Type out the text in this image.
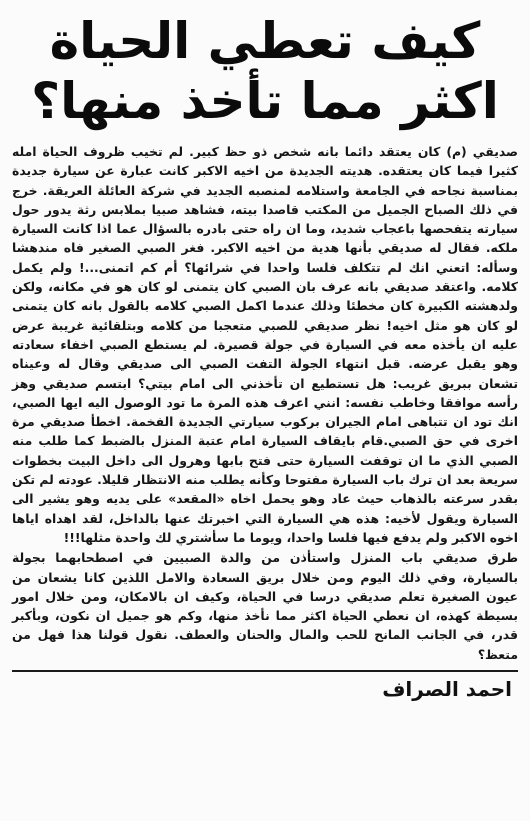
كيف تعطي الحياة
اكثر مما تأخذ منها؟

صديقي (م) كان يعتقد دائما بانه شخص ذو حظ كبير. لم تخيب ظروف الحياة امله كثيرا فيما كان يعتقده. هديته الجديدة من اخيه الاكبر كانت عبارة عن سيارة جديدة بمناسبة نجاحه في الجامعة واستلامه لمنصبه الجديد في شركة العائلة العريقة. خرج في ذلك الصباح الجميل من المكتب قاصدا بيته، فشاهد صبيا بملابس رثة يدور حول سيارته يتفحصها باعجاب شديد، وما ان راه حتى بادره بالسؤال عما اذا كانت السيارة ملكه. فقال له صديقي بأنها هدية من اخيه الاكبر. فغر الصبي الصغير فاه مندهشا وسأله: اتعني انك لم تتكلف فلسا واحدا في شرائها؟ أم كم اتمنى...! ولم يكمل كلامه. واعتقد صديقي بانه عرف بان الصبي كان يتمنى لو كان هو في مكانه، ولكن ولدهشته الكبيرة كان مخطئا وذلك عندما اكمل الصبي كلامه بالقول بانه كان يتمنى لو كان هو مثل اخيه! نظر صديقي للصبي متعجبا من كلامه وبتلقائية غريبة عرض عليه ان يأخذه معه في السيارة في جولة قصيرة. لم يستطع الصبي اخفاء سعادته وهو يقبل عرضه. قبل انتهاء الجولة التفت الصبي الى صديقي وقال له وعيناه تشعان ببريق غريب: هل تستطيع ان تأخذني الى امام بيتي؟ ابتسم صديقي وهز رأسه موافقا وخاطب نفسه: انني اعرف هذه المرة ما تود الوصول اليه ايها الصبي، انك تود ان تتباهى امام الجيران بركوب سيارتي الجديدة الفخمة. اخطأ صديقي مرة اخرى في حق الصبي.قام بايقاف السيارة امام عتبة المنزل بالضبط كما طلب منه الصبي الذي ما ان توقفت السيارة حتى فتح بابها وهرول الى داخل البيت بخطوات سريعة بعد ان ترك باب السيارة مفتوحا وكأنه يطلب منه الانتظار قليلا. عودته لم تكن بقدر سرعته بالذهاب حيث عاد وهو يحمل اخاه «المقعد» على يديه وهو يشير الى السيارة ويقول لأخيه: هذه هي السيارة التي اخبرتك عنها بالداخل، لقد اهداه اياها اخوه الاكبر ولم يدفع فيها فلسا واحدا، ويوما ما سأشتري لك واحدة مثلها!!!

طرق صديقي باب المنزل واستأذن من والدة الصبيين في اصطحابهما بجولة بالسيارة، وفي ذلك اليوم ومن خلال بريق السعادة والامل اللذين كانا يشعان من عيون الصغيرة تعلم صديقي درسا في الحياة، وكيف ان بالامكان، ومن خلال امور بسيطة كهذه، ان نعطي الحياة اكثر مما نأخذ منها، وكم هو جميل ان نكون، وبأكبر قدر، في الجانب المانح للحب والمال والحنان والعطف. نقول قولنا هذا فهل من متعظ؟

احمد الصراف
